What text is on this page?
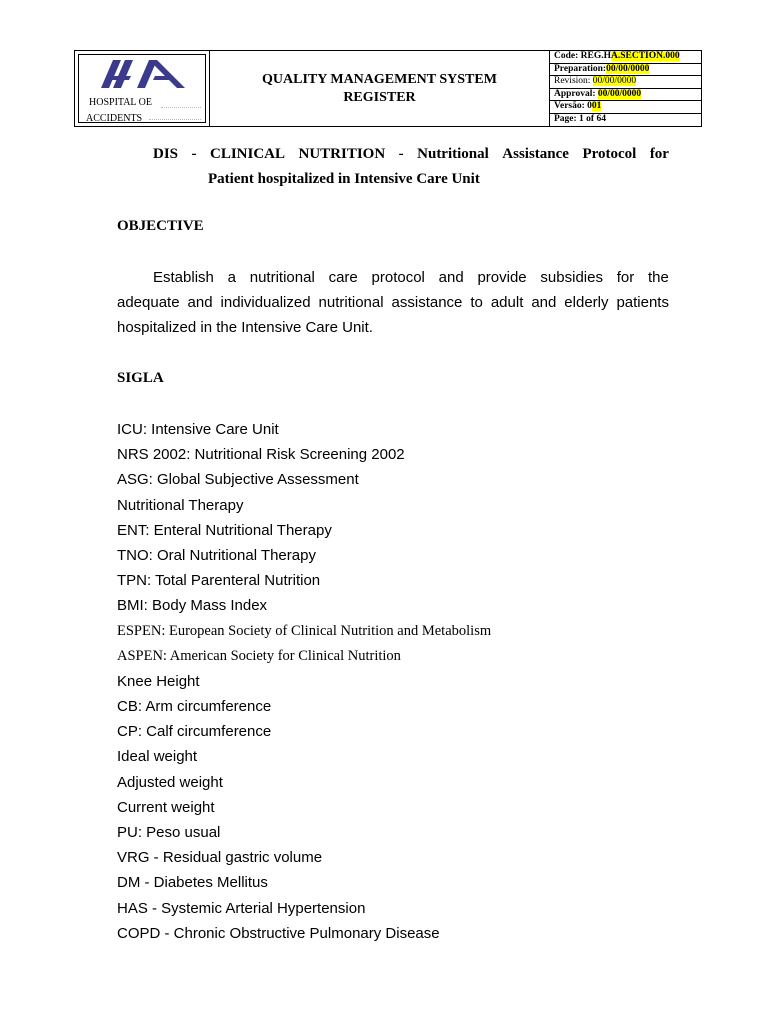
HOSPITAL OE
ACCIDENTS
QUALITY MANAGEMENT SYSTEM
REGISTER
Code: REG.HA.SECTION.000
Preparation:00/00/0000
Revision: 00/00/0000
Approval: 00/00/0000
Versão: 001
Page: 1 of 64
DIS - CLINICAL NUTRITION - Nutritional Assistance Protocol for
Patient hospitalized in Intensive Care Unit
OBJECTIVE
Establish a nutritional care protocol and provide subsidies for the
adequate and individualized nutritional assistance to adult and elderly patients
hospitalized in the Intensive Care Unit.
SIGLA
ICU: Intensive Care Unit
NRS 2002: Nutritional Risk Screening 2002
ASG: Global Subjective Assessment
Nutritional Therapy
ENT: Enteral Nutritional Therapy
TNO: Oral Nutritional Therapy
TPN: Total Parenteral Nutrition
BMI: Body Mass Index
ESPEN: European Society of Clinical Nutrition and Metabolism
ASPEN: American Society for Clinical Nutrition
Knee Height
CB: Arm circumference
CP: Calf circumference
Ideal weight
Adjusted weight
Current weight
PU: Peso usual
VRG - Residual gastric volume
DM - Diabetes Mellitus
HAS - Systemic Arterial Hypertension
COPD - Chronic Obstructive Pulmonary Disease
